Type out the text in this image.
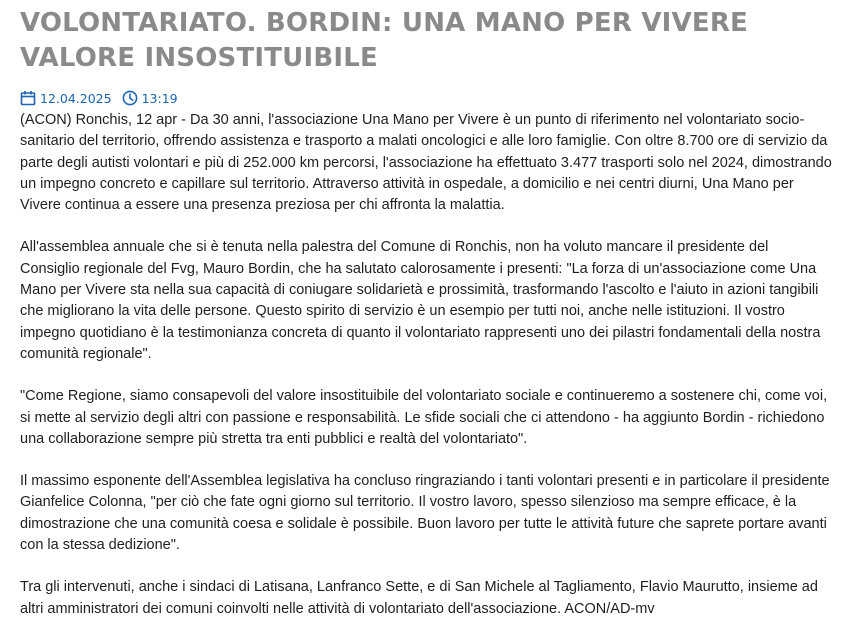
VOLONTARIATO. BORDIN: UNA MANO PER VIVERE VALORE INSOSTITUIBILE
12.04.2025 13:19

(ACON) Ronchis, 12 apr - Da 30 anni, l'associazione Una Mano per Vivere è un punto di riferimento nel volontariato socio-sanitario del territorio, offrendo assistenza e trasporto a malati oncologici e alle loro famiglie. Con oltre 8.700 ore di servizio da parte degli autisti volontari e più di 252.000 km percorsi, l'associazione ha effettuato 3.477 trasporti solo nel 2024, dimostrando un impegno concreto e capillare sul territorio. Attraverso attività in ospedale, a domicilio e nei centri diurni, Una Mano per Vivere continua a essere una presenza preziosa per chi affronta la malattia.

All'assemblea annuale che si è tenuta nella palestra del Comune di Ronchis, non ha voluto mancare il presidente del Consiglio regionale del Fvg, Mauro Bordin, che ha salutato calorosamente i presenti: "La forza di un'associazione come Una Mano per Vivere sta nella sua capacità di coniugare solidarietà e prossimità, trasformando l'ascolto e l'aiuto in azioni tangibili che migliorano la vita delle persone. Questo spirito di servizio è un esempio per tutti noi, anche nelle istituzioni. Il vostro impegno quotidiano è la testimonianza concreta di quanto il volontariato rappresenti uno dei pilastri fondamentali della nostra comunità regionale".

"Come Regione, siamo consapevoli del valore insostituibile del volontariato sociale e continueremo a sostenere chi, come voi, si mette al servizio degli altri con passione e responsabilità. Le sfide sociali che ci attendono - ha aggiunto Bordin - richiedono una collaborazione sempre più stretta tra enti pubblici e realtà del volontariato".

Il massimo esponente dell'Assemblea legislativa ha concluso ringraziando i tanti volontari presenti e in particolare il presidente Gianfelice Colonna, "per ciò che fate ogni giorno sul territorio. Il vostro lavoro, spesso silenzioso ma sempre efficace, è la dimostrazione che una comunità coesa e solidale è possibile. Buon lavoro per tutte le attività future che saprete portare avanti con la stessa dedizione".

Tra gli intervenuti, anche i sindaci di Latisana, Lanfranco Sette, e di San Michele al Tagliamento, Flavio Maurutto, insieme ad altri amministratori dei comuni coinvolti nelle attività di volontariato dell'associazione. ACON/AD-mv
